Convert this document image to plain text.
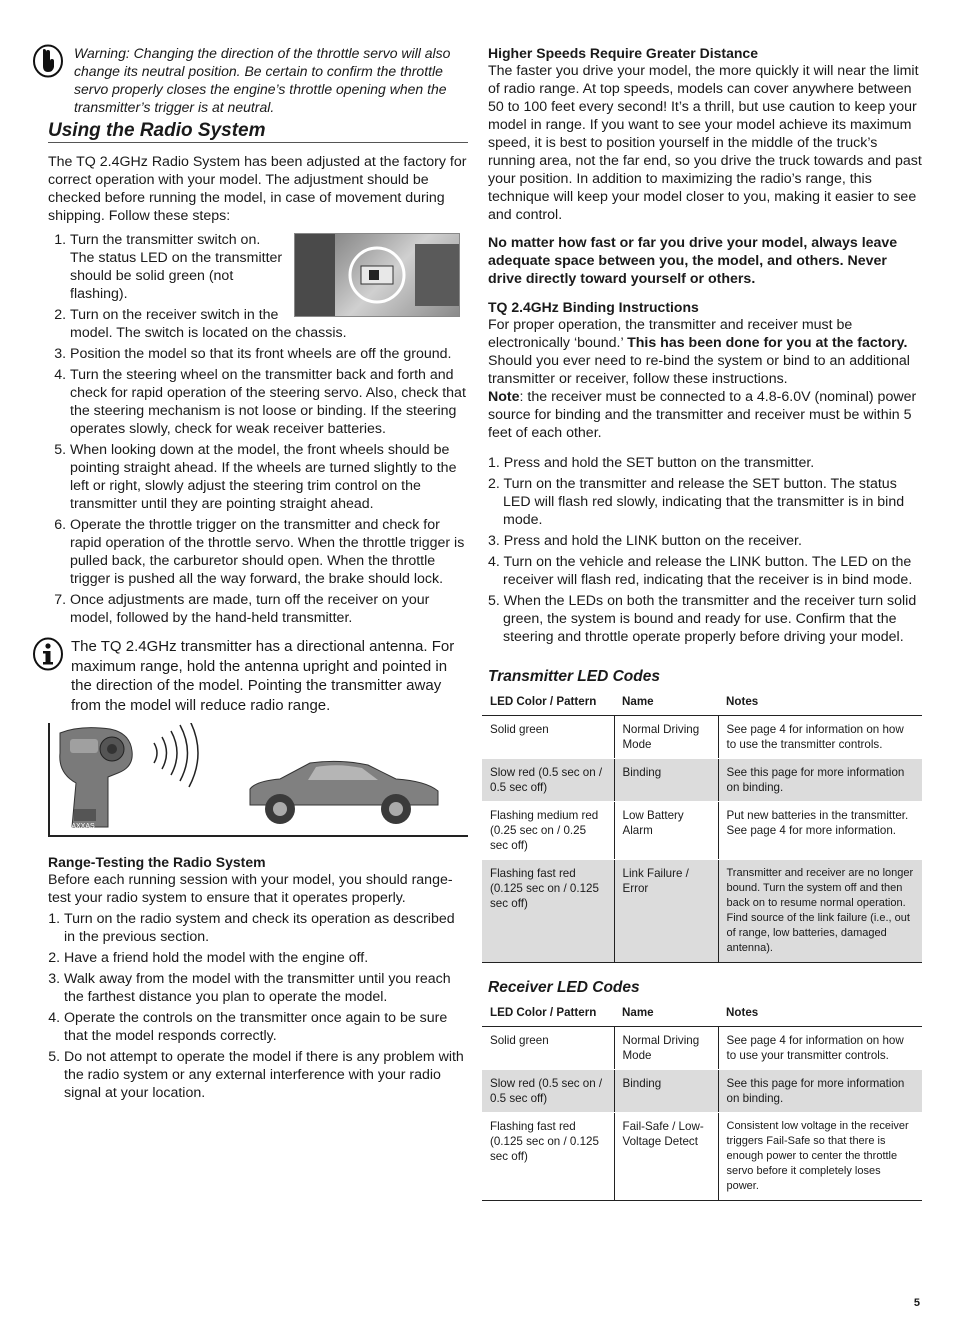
Warning: Changing the direction of the throttle servo will also change its neutral position. Be certain to confirm the throttle servo properly closes the engine’s throttle opening when the transmitter’s trigger is at neutral.
Using the Radio System

The TQ 2.4GHz Radio System has been adjusted at the factory for correct operation with your model. The adjustment should be checked before running the model, in case of movement during shipping. Follow these steps:

1. Turn the transmitter switch on. The status LED on the transmitter should be solid green (not flashing).
2. Turn on the receiver switch in the model. The switch is located on the chassis.
3. Position the model so that its front wheels are off the ground.
4. Turn the steering wheel on the transmitter back and forth and check for rapid operation of the steering servo. Also, check that the steering mechanism is not loose or binding. If the steering operates slowly, check for weak receiver batteries.
5. When looking down at the model, the front wheels should be pointing straight ahead. If the wheels are turned slightly to the left or right, slowly adjust the steering trim control on the transmitter until they are pointing straight ahead.
6. Operate the throttle trigger on the transmitter and check for rapid operation of the throttle servo. When the throttle trigger is pulled back, the carburetor should open. When the throttle trigger is pushed all the way forward, the brake should lock.
7. Once adjustments are made, turn off the receiver on your model, followed by the hand-held transmitter.
The TQ 2.4GHz transmitter has a directional antenna. For maximum range, hold the antenna upright and pointed in the direction of the model. Pointing the transmitter away from the model will reduce radio range.
TRAXXAS
Range-Testing the Radio System

Before each running session with your model, you should range-test your radio system to ensure that it operates properly.

1. Turn on the radio system and check its operation as described in the previous section.
2. Have a friend hold the model with the engine off.
3. Walk away from the model with the transmitter until you reach the farthest distance you plan to operate the model.
4. Operate the controls on the transmitter once again to be sure that the model responds correctly.
5. Do not attempt to operate the model if there is any problem with the radio system or any external interference with your radio signal at your location.
Higher Speeds Require Greater Distance

The faster you drive your model, the more quickly it will near the limit of radio range. At top speeds, models can cover anywhere between 50 to 100 feet every second! It’s a thrill, but use caution to keep your model in range. If you want to see your model achieve its maximum speed, it is best to position yourself in the middle of the truck’s running area, not the far end, so you drive the truck towards and past your position. In addition to maximizing the radio’s range, this technique will keep your model closer to you, making it easier to see and control.

No matter how fast or far you drive your model, always leave adequate space between you, the model, and others. Never drive directly toward yourself or others.

TQ 2.4GHz Binding Instructions

For proper operation, the transmitter and receiver must be electronically ‘bound.’ This has been done for you at the factory. Should you ever need to re-bind the system or bind to an additional transmitter or receiver, follow these instructions.
Note: the receiver must be connected to a 4.8-6.0V (nominal) power source for binding and the transmitter and receiver must be within 5 feet of each other.

1. Press and hold the SET button on the transmitter.
2. Turn on the transmitter and release the SET button. The status LED will flash red slowly, indicating that the transmitter is in bind mode.
3. Press and hold the LINK button on the receiver.
4. Turn on the vehicle and release the LINK button. The LED on the receiver will flash red, indicating that the receiver is in bind mode.
5. When the LEDs on both the transmitter and the receiver turn solid green, the system is bound and ready for use. Confirm that the steering and throttle operate properly before driving your model.
Transmitter LED Codes
LED Color / Pattern	Name	Notes
Solid green	Normal Driving Mode	See page 4 for information on how to use the transmitter controls.
Slow red (0.5 sec on / 0.5 sec off)	Binding	See this page for more information on binding.
Flashing medium red (0.25 sec on / 0.25 sec off)	Low Battery Alarm	Put new batteries in the transmitter. See page 4 for more information.
Flashing fast red (0.125 sec on / 0.125 sec off)	Link Failure / Error	Transmitter and receiver are no longer bound. Turn the system off and then back on to resume normal operation. Find source of the link failure (i.e., out of range, low batteries, damaged antenna).
Receiver LED Codes
LED Color / Pattern	Name	Notes
Solid green	Normal Driving Mode	See page 4 for information on how to use your transmitter controls.
Slow red (0.5 sec on / 0.5 sec off)	Binding	See this page for more information on binding.
Flashing fast red (0.125 sec on / 0.125 sec off)	Fail-Safe / Low-Voltage Detect	Consistent low voltage in the receiver triggers Fail-Safe so that there is enough power to center the throttle servo before it completely loses power.
5
